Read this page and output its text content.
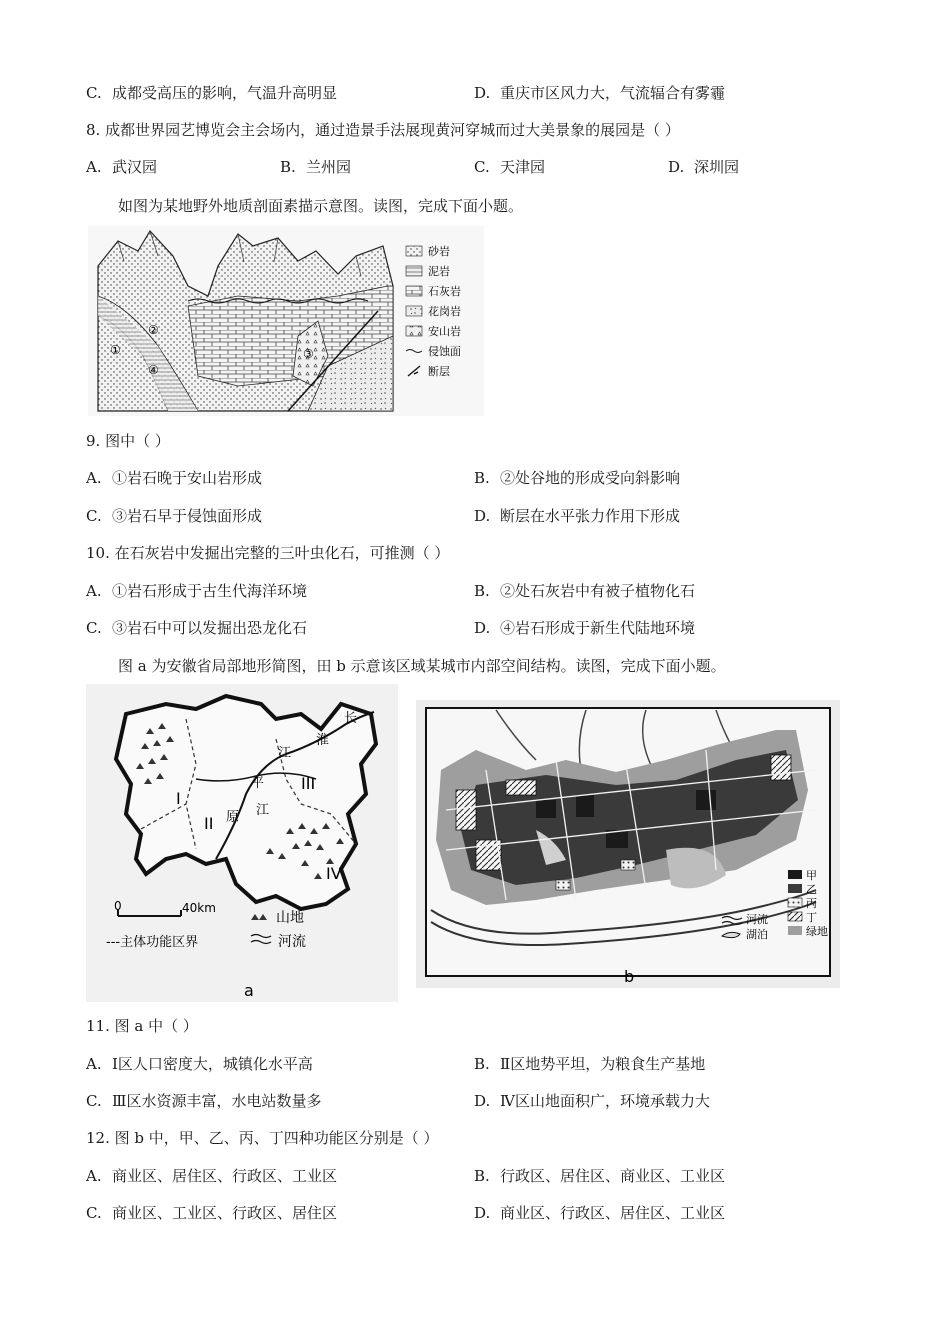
C. 成都受高压的影响，气温升高明显	D. 重庆市区风力大，气流辐合有雾霾
8. 成都世界园艺博览会主会场内，通过造景手法展现黄河穿城而过大美景象的展园是（ ）
A. 武汉园	B. 兰州园	C. 天津园	D. 深圳园
如图为某地野外地质剖面素描示意图。读图，完成下面小题。
②
①	③
④
砂岩
泥岩
石灰岩
花岗岩
安山岩
侵蚀面
断层
9. 图中（ ）
A. ①岩石晚于安山岩形成	B. ②处谷地的形成受向斜影响
C. ③岩石早于侵蚀面形成	D. 断层在水平张力作用下形成
10. 在石灰岩中发掘出完整的三叶虫化石，可推测（ ）
A. ①岩石形成于古生代海洋环境	B. ②处石灰岩中有被子植物化石
C. ③岩石中可以发掘出恐龙化石	D. ④岩石形成于新生代陆地环境
图 a 为安徽省局部地形简图，田 b 示意该区域某城市内部空间结构。读图，完成下面小题。
I
II
III
IV
江
淮
长
平
原 江
0	40km
山地
---主体功能区界	河流
a
甲
乙
丙
丁
绿地
河流
湖泊
b
11. 图 a 中（ ）
A. Ⅰ区人口密度大，城镇化水平高	B. Ⅱ区地势平坦，为粮食生产基地
C. Ⅲ区水资源丰富，水电站数量多	D. Ⅳ区山地面积广，环境承载力大
12. 图 b 中，甲、乙、丙、丁四种功能区分别是（ ）
A. 商业区、居住区、行政区、工业区	B. 行政区、居住区、商业区、工业区
C. 商业区、工业区、行政区、居住区	D. 商业区、行政区、居住区、工业区
